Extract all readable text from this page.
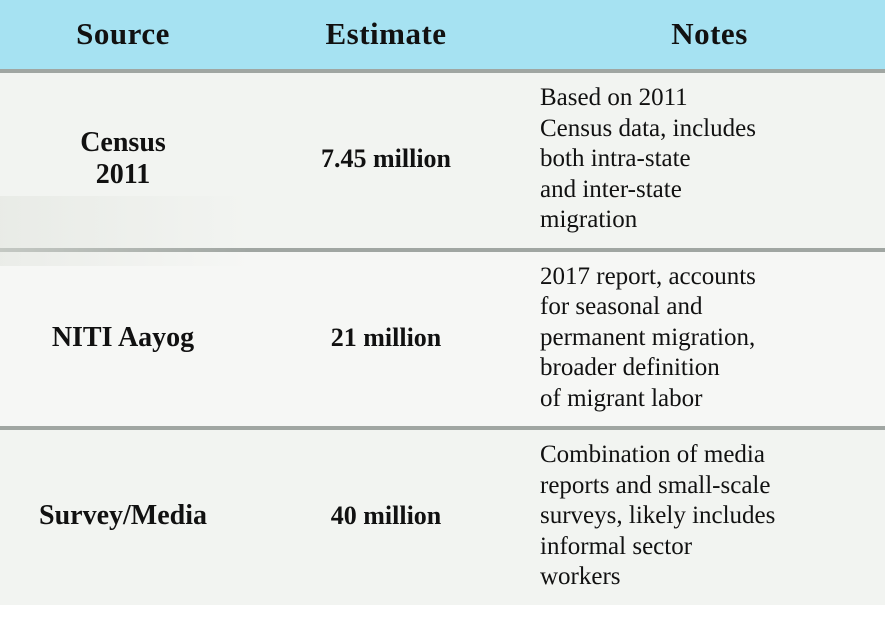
Source	Estimate	Notes

Census
2011	7.45 million	Based on 2011
Census data, includes
both intra-state
and inter-state
migration

NITI Aayog	21 million	2017 report, accounts
for seasonal and
permanent migration,
broader definition
of migrant labor

Survey/Media	40 million	Combination of media
reports and small-scale
surveys, likely includes
informal sector
workers
